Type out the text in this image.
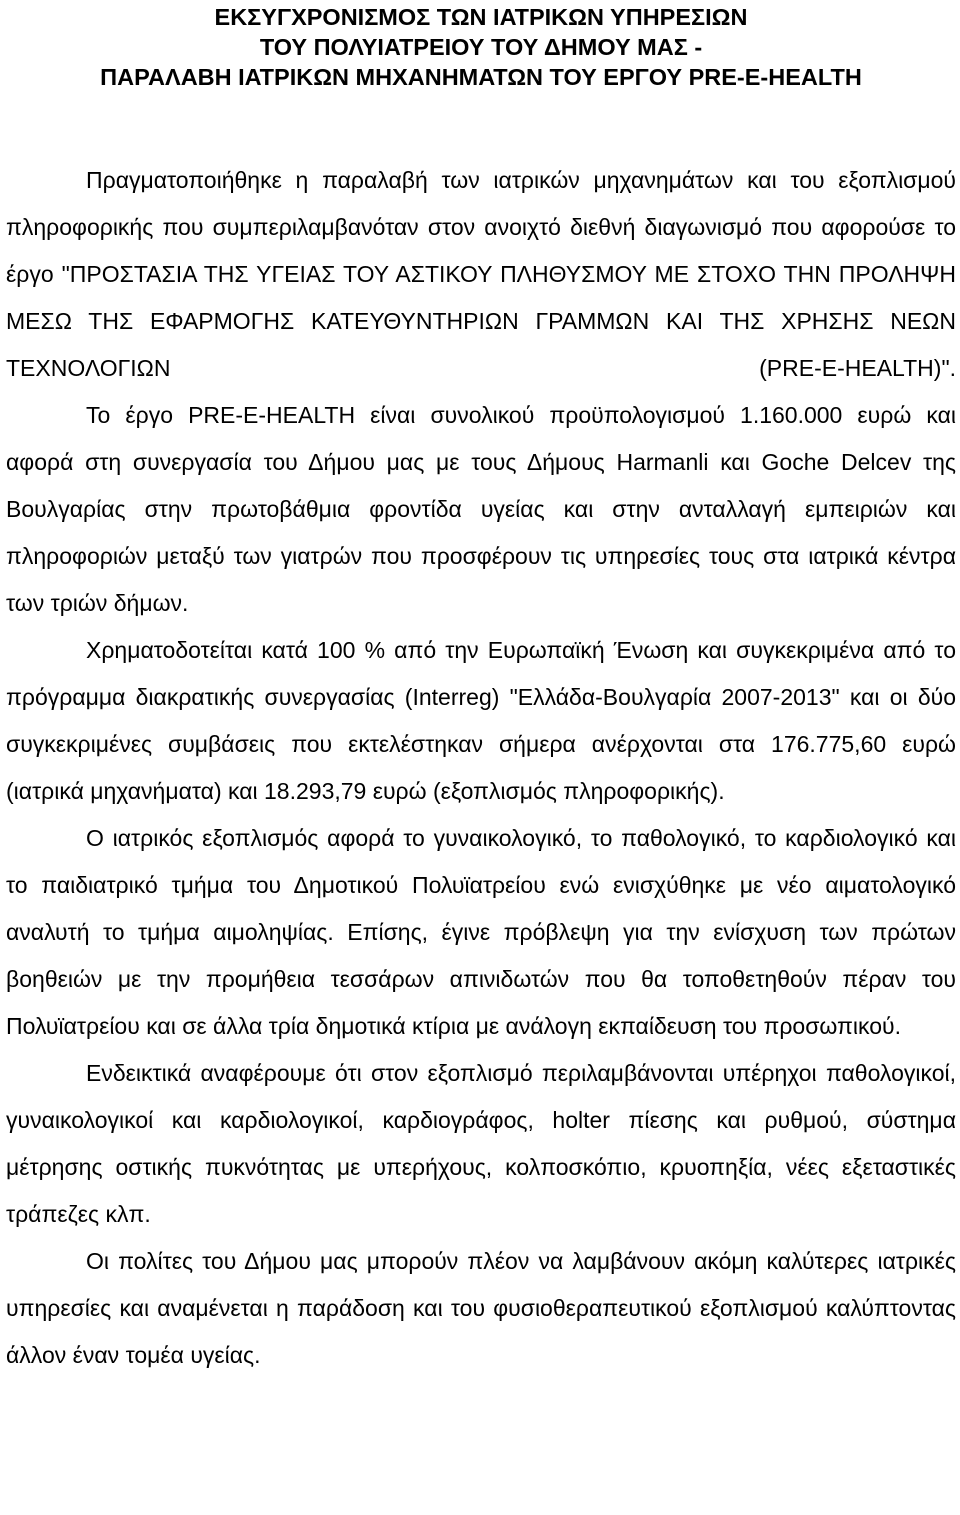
ΕΚΣΥΓΧΡΟΝΙΣΜΟΣ ΤΩΝ ΙΑΤΡΙΚΩΝ ΥΠΗΡΕΣΙΩΝ
ΤΟΥ ΠΟΛΥΙΑΤΡΕΙΟΥ ΤΟΥ ΔΗΜΟΥ ΜΑΣ -
ΠΑΡΑΛΑΒΗ ΙΑΤΡΙΚΩΝ ΜΗΧΑΝΗΜΑΤΩΝ ΤΟΥ ΕΡΓΟΥ PRE-E-HEALTH

Πραγματοποιήθηκε η παραλαβή των ιατρικών μηχανημάτων και του εξοπλισμού πληροφορικής που συμπεριλαμβανόταν στον ανοιχτό διεθνή διαγωνισμό που αφορούσε το έργο "ΠΡΟΣΤΑΣΙΑ ΤΗΣ ΥΓΕΙΑΣ ΤΟΥ ΑΣΤΙΚΟΥ ΠΛΗΘΥΣΜΟΥ ΜΕ ΣΤΟΧΟ ΤΗΝ ΠΡΟΛΗΨΗ ΜΕΣΩ ΤΗΣ ΕΦΑΡΜΟΓΗΣ ΚΑΤΕΥΘΥΝΤΗΡΙΩΝ ΓΡΑΜΜΩΝ ΚΑΙ ΤΗΣ ΧΡΗΣΗΣ ΝΕΩΝ ΤΕΧΝΟΛΟΓΙΩΝ (PRE-E-HEALTH)".

Το έργο PRE-E-HEALTH είναι συνολικού προϋπολογισμού 1.160.000 ευρώ και αφορά στη συνεργασία του Δήμου μας με τους Δήμους Harmanli και Goche Delcev της Βουλγαρίας στην πρωτοβάθμια φροντίδα υγείας και στην ανταλλαγή εμπειριών και πληροφοριών μεταξύ των γιατρών που προσφέρουν τις υπηρεσίες τους στα ιατρικά κέντρα των τριών δήμων.

Χρηματοδοτείται κατά 100 % από την Ευρωπαϊκή Ένωση και συγκεκριμένα από το πρόγραμμα διακρατικής συνεργασίας (Interreg) "Ελλάδα-Βουλγαρία 2007-2013" και οι δύο συγκεκριμένες συμβάσεις που εκτελέστηκαν σήμερα ανέρχονται στα 176.775,60 ευρώ (ιατρικά μηχανήματα) και 18.293,79 ευρώ (εξοπλισμός πληροφορικής).

Ο ιατρικός εξοπλισμός αφορά το γυναικολογικό, το παθολογικό, το καρδιολογικό και το παιδιατρικό τμήμα του Δημοτικού Πολυϊατρείου ενώ ενισχύθηκε με νέο αιματολογικό αναλυτή το τμήμα αιμοληψίας. Επίσης, έγινε πρόβλεψη για την ενίσχυση των πρώτων βοηθειών με την προμήθεια τεσσάρων απινιδωτών που θα τοποθετηθούν πέραν του Πολυϊατρείου και σε άλλα τρία δημοτικά κτίρια με ανάλογη εκπαίδευση του προσωπικού.

Ενδεικτικά αναφέρουμε ότι στον εξοπλισμό περιλαμβάνονται υπέρηχοι παθολογικοί, γυναικολογικοί και καρδιολογικοί, καρδιογράφος, holter πίεσης και ρυθμού, σύστημα μέτρησης οστικής πυκνότητας με υπερήχους, κολποσκόπιο, κρυοπηξία, νέες εξεταστικές τράπεζες κλπ.

Οι πολίτες του Δήμου μας μπορούν πλέον να λαμβάνουν ακόμη καλύτερες ιατρικές υπηρεσίες και αναμένεται η παράδοση και του φυσιοθεραπευτικού εξοπλισμού καλύπτοντας άλλον έναν τομέα υγείας.
